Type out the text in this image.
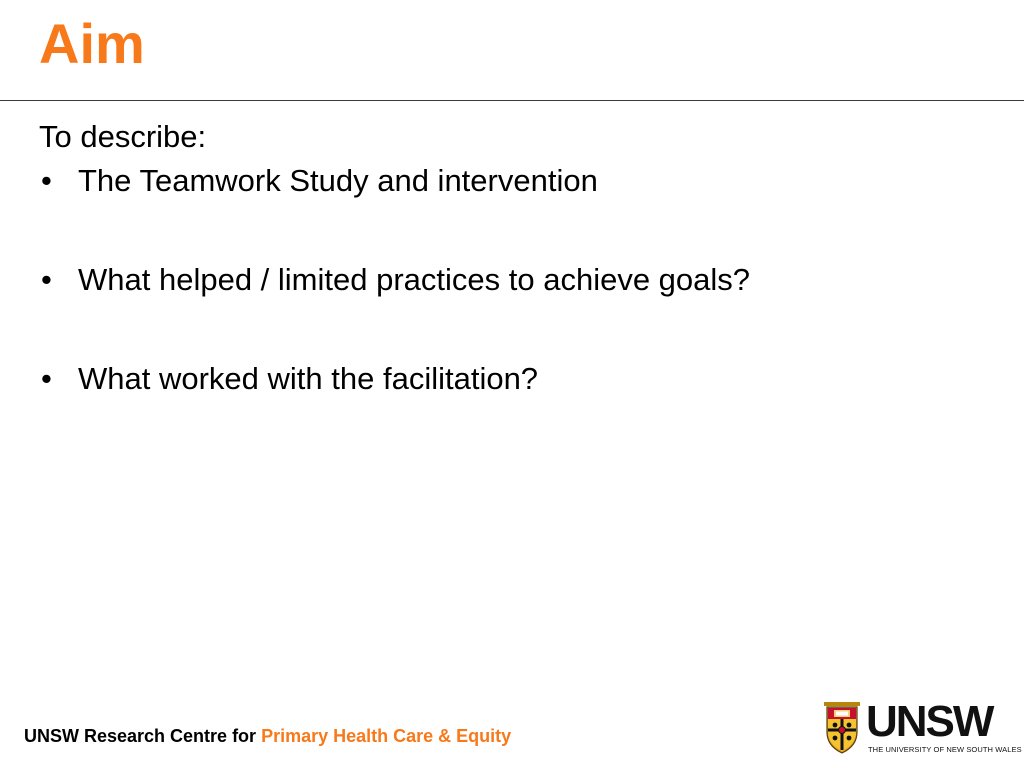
Aim

To describe:

• The Teamwork Study and intervention
• What helped / limited practices to achieve goals?
• What worked with the facilitation?
UNSW Research Centre for Primary Health Care & Equity	UNSW
THE UNIVERSITY OF NEW SOUTH WALES
